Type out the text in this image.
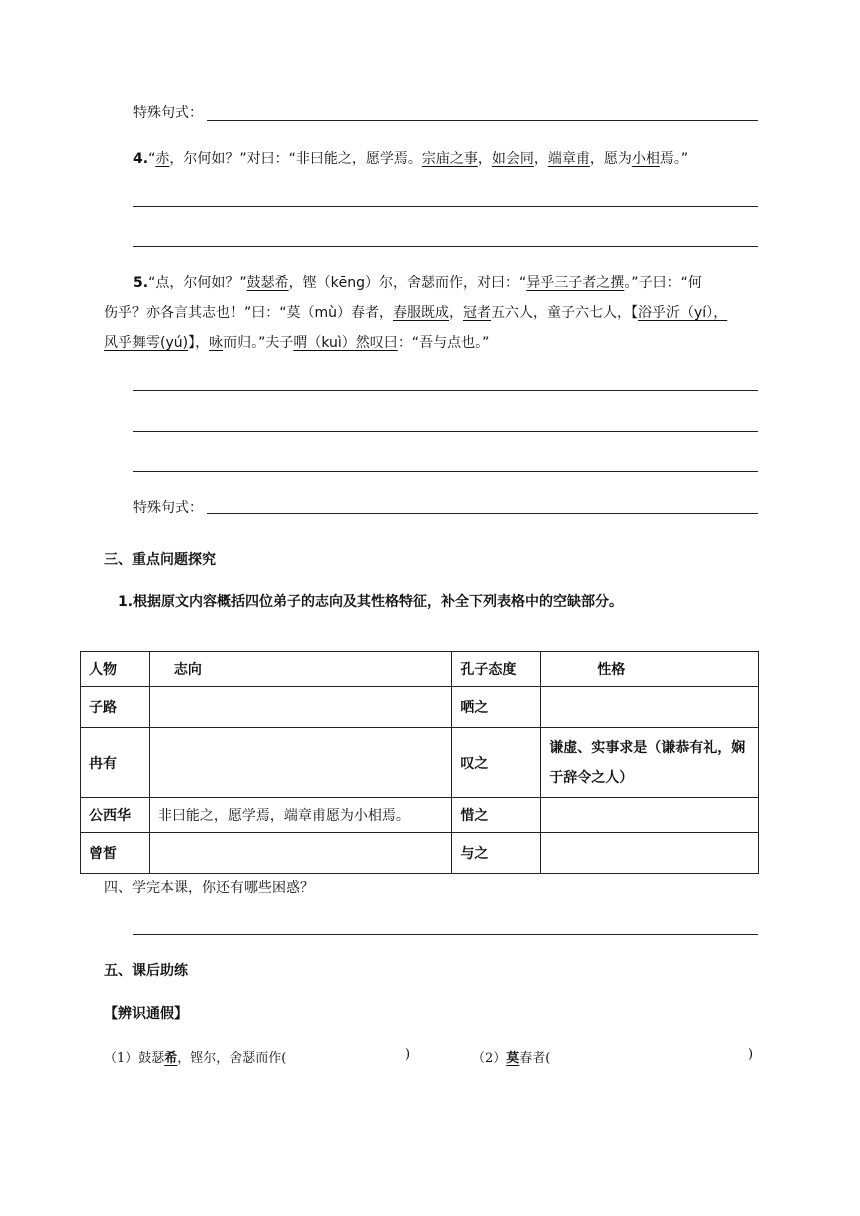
特殊句式：
4.“赤，尔何如？”对曰：“非曰能之，愿学焉。宗庙之事，如会同，端章甫，愿为小相焉。”
5.“点，尔何如？”鼓瑟希，铿（kēng）尔，舍瑟而作，对曰：“异乎三子者之撰。”子曰：“何
伤乎？亦各言其志也！”曰：“莫（mù）春者，春服既成，冠者五六人，童子六七人，【浴乎沂（yí），
风乎舞雩(yú)】，咏而归。”夫子喟（kuì）然叹曰：“吾与点也。”
特殊句式：
三、重点问题探究
1.根据原文内容概括四位弟子的志向及其性格特征，补全下列表格中的空缺部分。
人物	志向	孔子态度	性格
子路		哂之	
冉有		叹之	谦虚、实事求是（谦恭有礼，娴于辞令之人）
公西华	非曰能之，愿学焉，端章甫愿为小相焉。	惜之	
曾皙		与之	
四、学完本课，你还有哪些困惑？
五、课后助练
【辨识通假】
（1）鼓瑟希，铿尔，舍瑟而作(	)	（2）莫春者(	)
